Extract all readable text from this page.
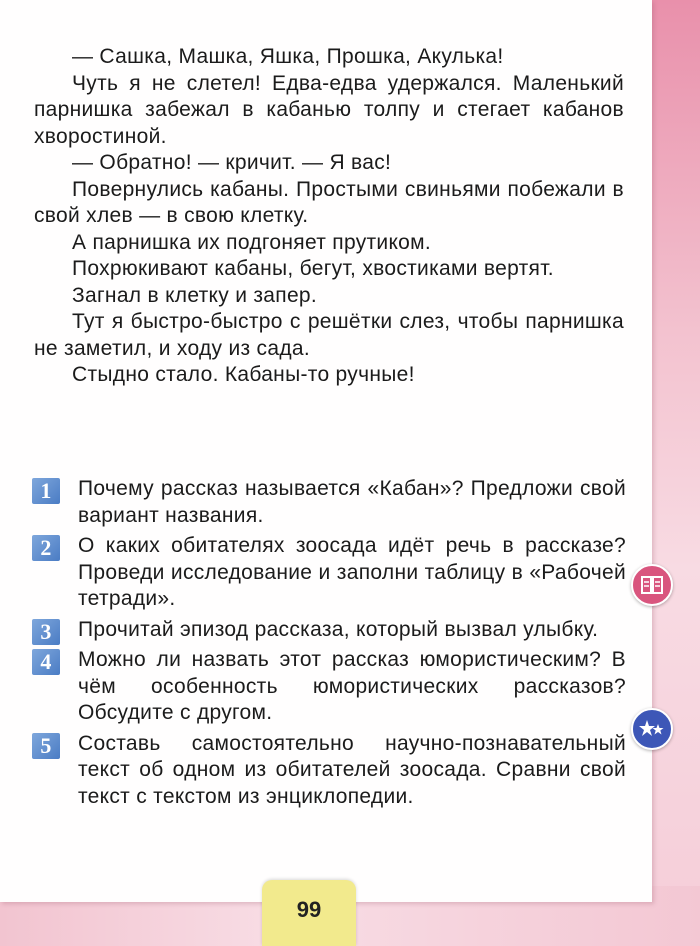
— Сашка, Машка, Яшка, Прошка, Акулька!

Чуть я не слетел! Едва-едва удержался. Маленький парнишка забежал в кабанью толпу и стегает кабанов хворостиной.

— Обратно! — кричит. — Я вас!

Повернулись кабаны. Простыми свиньями побежали в свой хлев — в свою клетку.

А парнишка их подгоняет прутиком.

Похрюкивают кабаны, бегут, хвостиками вертят.

Загнал в клетку и запер.

Тут я быстро-быстро с решётки слез, чтобы парнишка не заметил, и ходу из сада.

Стыдно стало. Кабаны-то ручные!

1	Почему рассказ называется «Кабан»? Предложи свой вариант названия.
2	О каких обитателях зоосада идёт речь в рассказе? Проведи исследование и заполни таблицу в «Рабочей тетради».
3	Прочитай эпизод рассказа, который вызвал улыбку.
4	Можно ли назвать этот рассказ юмористическим? В чём особенность юмористических рассказов? Обсудите с другом.
5	Составь самостоятельно научно-познавательный текст об одном из обитателей зоосада. Сравни свой текст с текстом из энциклопедии.
99
